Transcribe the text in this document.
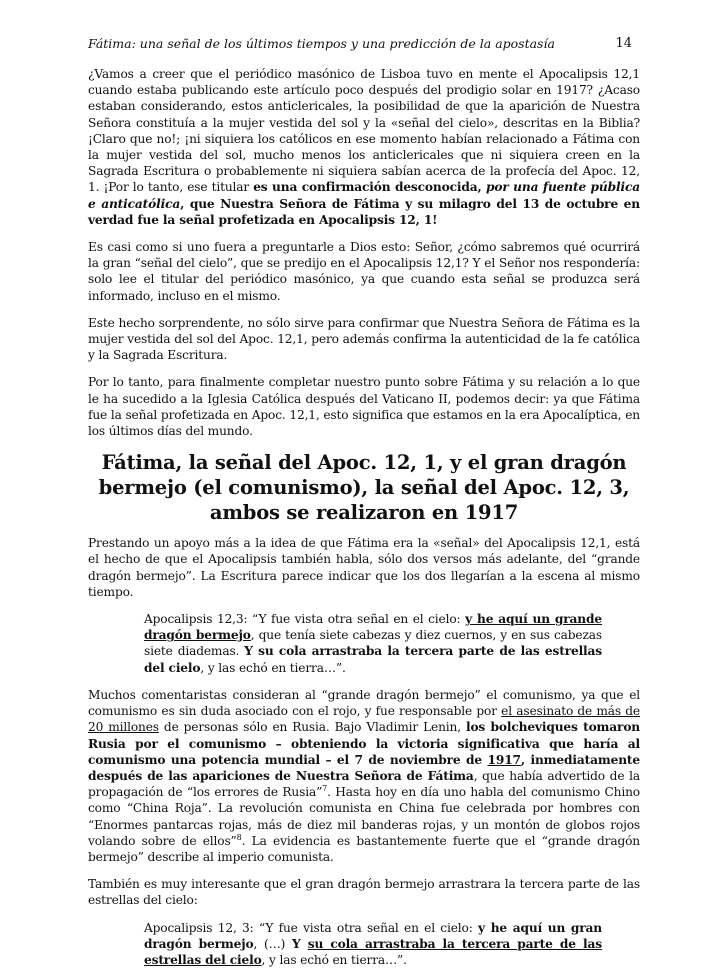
Fátima: una señal de los últimos tiempos y una predicción de la apostasía	14

¿Vamos a creer que el periódico masónico de Lisboa tuvo en mente el Apocalipsis 12,1 cuando estaba publicando este artículo poco después del prodigio solar en 1917? ¿Acaso estaban considerando, estos anticlericales, la posibilidad de que la aparición de Nuestra Señora constituía a la mujer vestida del sol y la «señal del cielo», descritas en la Biblia? ¡Claro que no!; ¡ni siquiera los católicos en ese momento habían relacionado a Fátima con la mujer vestida del sol, mucho menos los anticlericales que ni siquiera creen en la Sagrada Escritura o probablemente ni siquiera sabían acerca de la profecía del Apoc. 12, 1. ¡Por lo tanto, ese titular es una confirmación desconocida, por una fuente pública e anticatólica, que Nuestra Señora de Fátima y su milagro del 13 de octubre en verdad fue la señal profetizada en Apocalipsis 12, 1!

Es casi como si uno fuera a preguntarle a Dios esto: Señor, ¿cómo sabremos qué ocurrirá la gran “señal del cielo”, que se predijo en el Apocalipsis 12,1? Y el Señor nos respondería: solo lee el titular del periódico masónico, ya que cuando esta señal se produzca será informado, incluso en el mismo.

Este hecho sorprendente, no sólo sirve para confirmar que Nuestra Señora de Fátima es la mujer vestida del sol del Apoc. 12,1, pero además confirma la autenticidad de la fe católica y la Sagrada Escritura.

Por lo tanto, para finalmente completar nuestro punto sobre Fátima y su relación a lo que le ha sucedido a la Iglesia Católica después del Vaticano II, podemos decir: ya que Fátima fue la señal profetizada en Apoc. 12,1, esto significa que estamos en la era Apocalíptica, en los últimos días del mundo.

Fátima, la señal del Apoc. 12, 1, y el gran dragón bermejo (el comunismo), la señal del Apoc. 12, 3, ambos se realizaron en 1917

Prestando un apoyo más a la idea de que Fátima era la «señal» del Apocalipsis 12,1, está el hecho de que el Apocalipsis también habla, sólo dos versos más adelante, del “grande dragón bermejo”. La Escritura parece indicar que los dos llegarían a la escena al mismo tiempo.

Apocalipsis 12,3: “Y fue vista otra señal en el cielo: y he aquí un grande dragón bermejo, que tenía siete cabezas y diez cuernos, y en sus cabezas siete diademas. Y su cola arrastraba la tercera parte de las estrellas del cielo, y las echó en tierra…”.

Muchos comentaristas consideran al “grande dragón bermejo” el comunismo, ya que el comunismo es sin duda asociado con el rojo, y fue responsable por el asesinato de más de 20 millones de personas sólo en Rusia. Bajo Vladimir Lenin, los bolcheviques tomaron Rusia por el comunismo – obteniendo la victoria significativa que haría al comunismo una potencia mundial – el 7 de noviembre de 1917, inmediatamente después de las apariciones de Nuestra Señora de Fátima, que había advertido de la propagación de “los errores de Rusia”$^7$. Hasta hoy en día uno habla del comunismo Chino como “China Roja”. La revolución comunista en China fue celebrada por hombres con “Enormes pantarcas rojas, más de diez mil banderas rojas, y un montón de globos rojos volando sobre de ellos”$^8$. La evidencia es bastantemente fuerte que el “grande dragón bermejo” describe al imperio comunista.

También es muy interesante que el gran dragón bermejo arrastrara la tercera parte de las estrellas del cielo:

Apocalipsis 12, 3: “Y fue vista otra señal en el cielo: y he aquí un gran dragón bermejo, (…) Y su cola arrastraba la tercera parte de las estrellas del cielo, y las echó en tierra…”.
